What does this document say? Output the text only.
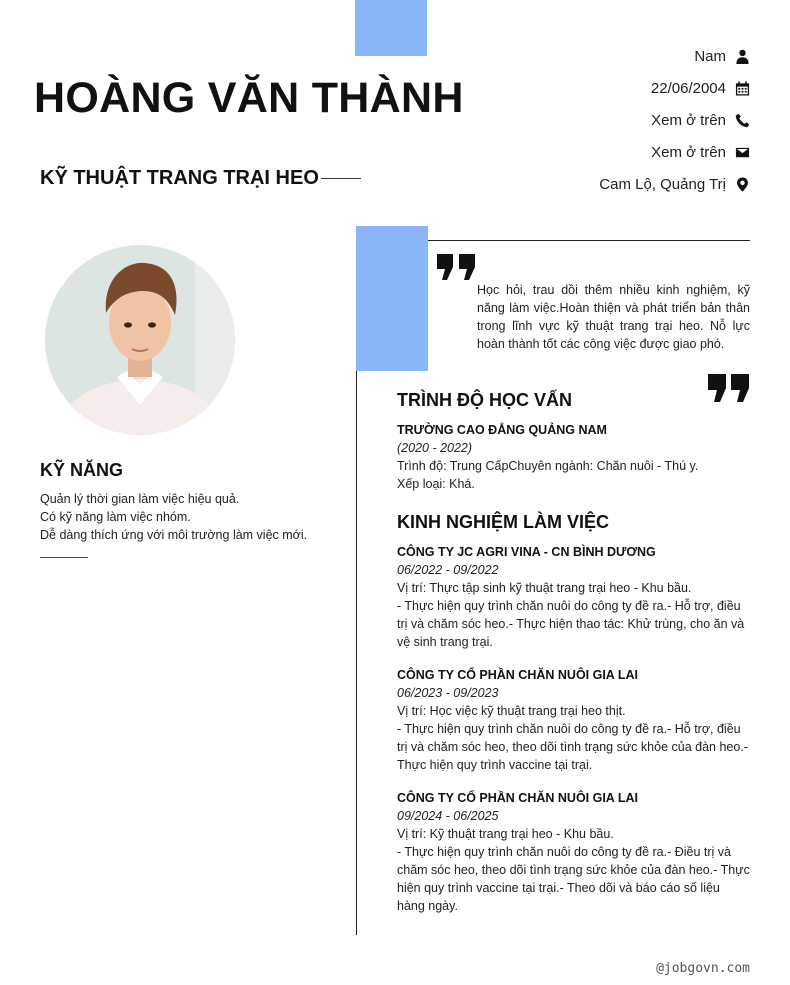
HOÀNG VĂN THÀNH
KỸ THUẬT TRANG TRẠI HEO
Nam
22/06/2004
Xem ở trên
Xem ở trên
Cam Lộ, Quảng Trị
KỸ NĂNG
Quản lý thời gian làm việc hiệu quả.
Có kỹ năng làm việc nhóm.
Dễ dàng thích ứng với môi trường làm việc mới.

Học hỏi, trau dồi thêm nhiều kinh nghiệm, kỹ năng làm việc.Hoàn thiện và phát triển bản thân trong lĩnh vực kỹ thuật trang trại heo. Nỗ lực hoàn thành tốt các công việc được giao phó.

TRÌNH ĐỘ HỌC VẤN
TRƯỜNG CAO ĐẲNG QUẢNG NAM
(2020 - 2022)
Trình độ: Trung CấpChuyên ngành: Chăn nuôi - Thú y.
Xếp loại: Khá.
KINH NGHIỆM LÀM VIỆC
CÔNG TY JC AGRI VINA - CN BÌNH DƯƠNG
06/2022 - 09/2022
Vị trí: Thực tập sinh kỹ thuật trang trại heo - Khu bầu.
- Thực hiện quy trình chăn nuôi do công ty đề ra.- Hỗ trợ, điều trị và chăm sóc heo.- Thực hiện thao tác: Khử trùng, cho ăn và vệ sinh trang trại.
CÔNG TY CỔ PHẦN CHĂN NUÔI GIA LAI
06/2023 - 09/2023
Vị trí: Học việc kỹ thuật trang trại heo thịt.
- Thực hiện quy trình chăn nuôi do công ty đề ra.- Hỗ trợ, điều trị và chăm sóc heo, theo dõi tình trạng sức khỏe của đàn heo.- Thực hiện quy trình vaccine tại trại.
CÔNG TY CỔ PHẦN CHĂN NUÔI GIA LAI
09/2024 - 06/2025
Vị trí: Kỹ thuật trang trại heo - Khu bầu.
- Thực hiện quy trình chăn nuôi do công ty đề ra.- Điều trị và chăm sóc heo, theo dõi tình trạng sức khỏe của đàn heo.- Thực hiện quy trình vaccine tại trại.- Theo dõi và báo cáo số liệu hàng ngày.
@jobgovn.com
